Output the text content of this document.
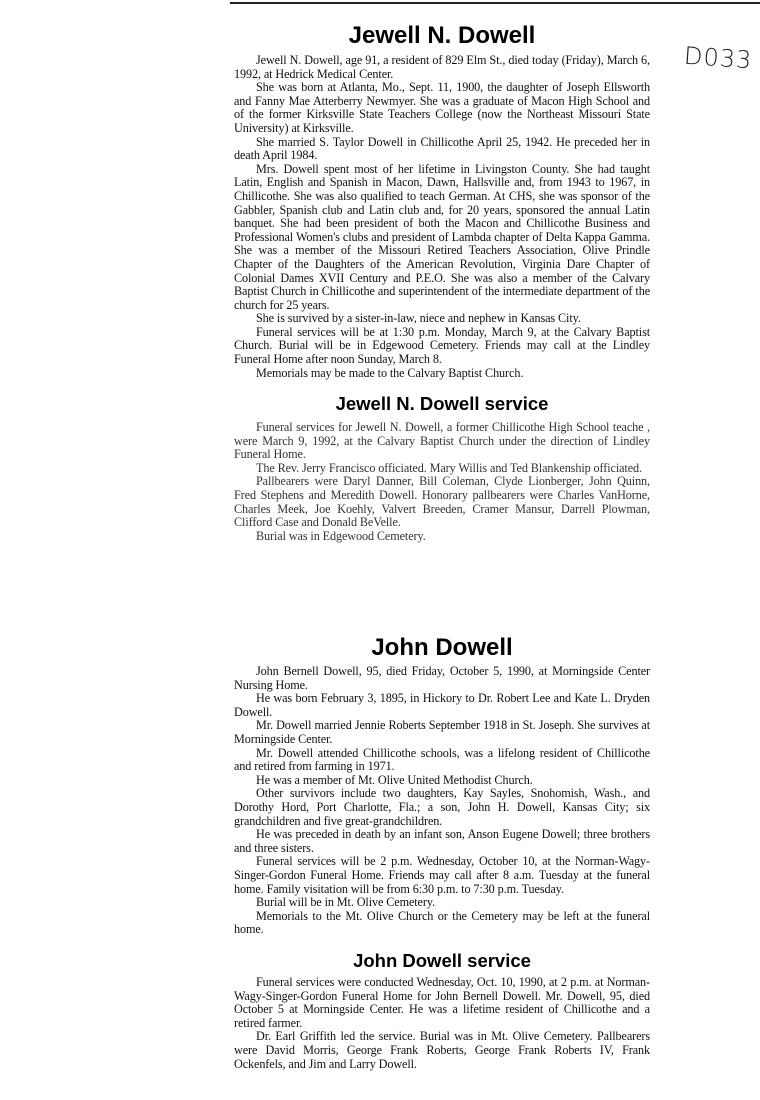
D033
Jewell N. Dowell

Jewell N. Dowell, age 91, a resident of 829 Elm St., died today (Friday), March 6, 1992, at Hedrick Medical Center.

She was born at Atlanta, Mo., Sept. 11, 1900, the daughter of Joseph Ellsworth and Fanny Mae Atterberry Newmyer. She was a graduate of Macon High School and of the former Kirksville State Teachers College (now the Northeast Missouri State University) at Kirksville.

She married S. Taylor Dowell in Chillicothe April 25, 1942. He preceded her in death April 1984.

Mrs. Dowell spent most of her lifetime in Livingston County. She had taught Latin, English and Spanish in Macon, Dawn, Hallsville and, from 1943 to 1967, in Chillicothe. She was also qualified to teach German. At CHS, she was sponsor of the Gabbler, Spanish club and Latin club and, for 20 years, sponsored the annual Latin banquet. She had been president of both the Macon and Chillicothe Business and Professional Women's clubs and president of Lambda chapter of Delta Kappa Gamma. She was a member of the Missouri Retired Teachers Association, Olive Prindle Chapter of the Daughters of the American Revolution, Virginia Dare Chapter of Colonial Dames XVII Century and P.E.O. She was also a member of the Calvary Baptist Church in Chillicothe and superintendent of the intermediate department of the church for 25 years.

She is survived by a sister-in-law, niece and nephew in Kansas City.

Funeral services will be at 1:30 p.m. Monday, March 9, at the Calvary Baptist Church. Burial will be in Edgewood Cemetery. Friends may call at the Lindley Funeral Home after noon Sunday, March 8.

Memorials may be made to the Calvary Baptist Church.

Jewell N. Dowell service

Funeral services for Jewell N. Dowell, a former Chillicothe High School teache , were March 9, 1992, at the Calvary Baptist Church under the direction of Lindley Funeral Home.

The Rev. Jerry Francisco officiated. Mary Willis and Ted Blankenship officiated.

Pallbearers were Daryl Danner, Bill Coleman, Clyde Lionberger, John Quinn, Fred Stephens and Meredith Dowell. Honorary pallbearers were Charles VanHorne, Charles Meek, Joe Koehly, Valvert Breeden, Cramer Mansur, Darrell Plowman, Clifford Case and Donald BeVelle.

Burial was in Edgewood Cemetery.

John Dowell

John Bernell Dowell, 95, died Friday, October 5, 1990, at Morningside Center Nursing Home.

He was born February 3, 1895, in Hickory to Dr. Robert Lee and Kate L. Dryden Dowell.

Mr. Dowell married Jennie Roberts September 1918 in St. Joseph. She survives at Morningside Center.

Mr. Dowell attended Chillicothe schools, was a lifelong resident of Chillicothe and retired from farming in 1971.

He was a member of Mt. Olive United Methodist Church.

Other survivors include two daughters, Kay Sayles, Snohomish, Wash., and Dorothy Hord, Port Charlotte, Fla.; a son, John H. Dowell, Kansas City; six grandchildren and five great-grandchildren.

He was preceded in death by an infant son, Anson Eugene Dowell; three brothers and three sisters.

Funeral services will be 2 p.m. Wednesday, October 10, at the Norman-Wagy-Singer-Gordon Funeral Home. Friends may call after 8 a.m. Tuesday at the funeral home. Family visitation will be from 6:30 p.m. to 7:30 p.m. Tuesday.

Burial will be in Mt. Olive Cemetery.

Memorials to the Mt. Olive Church or the Cemetery may be left at the funeral home.

John Dowell service

Funeral services were conducted Wednesday, Oct. 10, 1990, at 2 p.m. at Norman-Wagy-Singer-Gordon Funeral Home for John Bernell Dowell. Mr. Dowell, 95, died October 5 at Morningside Center. He was a lifetime resident of Chillicothe and a retired farmer.

Dr. Earl Griffith led the service. Burial was in Mt. Olive Cemetery. Pallbearers were David Morris, George Frank Roberts, George Frank Roberts IV, Frank Ockenfels, and Jim and Larry Dowell.
